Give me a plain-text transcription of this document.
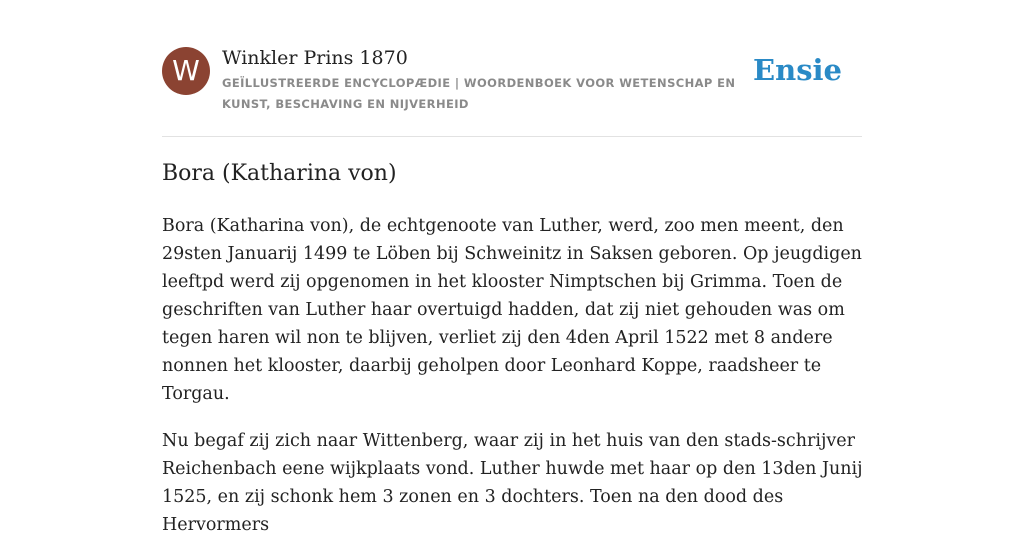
W	Winkler Prins 1870
GEÏLLUSTREERDE ENCYCLOPÆDIE | WOORDENBOEK VOOR WETENSCHAP EN KUNST, BESCHAVING EN NIJVERHEID
Ensie
Bora (Katharina von)

Bora (Katharina von), de echtgenoote van Luther, werd, zoo men meent, den 29sten Januarij 1499 te Löben bij Schweinitz in Saksen geboren. Op jeugdigen leeftpd werd zij opgenomen in het klooster Nimptschen bij Grimma. Toen de geschriften van Luther haar overtuigd hadden, dat zij niet gehouden was om tegen haren wil non te blijven, verliet zij den 4den April 1522 met 8 andere nonnen het klooster, daarbij geholpen door Leonhard Koppe, raadsheer te Torgau.

Nu begaf zij zich naar Wittenberg, waar zij in het huis van den stads-schrijver Reichenbach eene wijkplaats vond. Luther huwde met haar op den 13den Junij 1525, en zij schonk hem 3 zonen en 3 dochters. Toen na den dood des Hervormers
